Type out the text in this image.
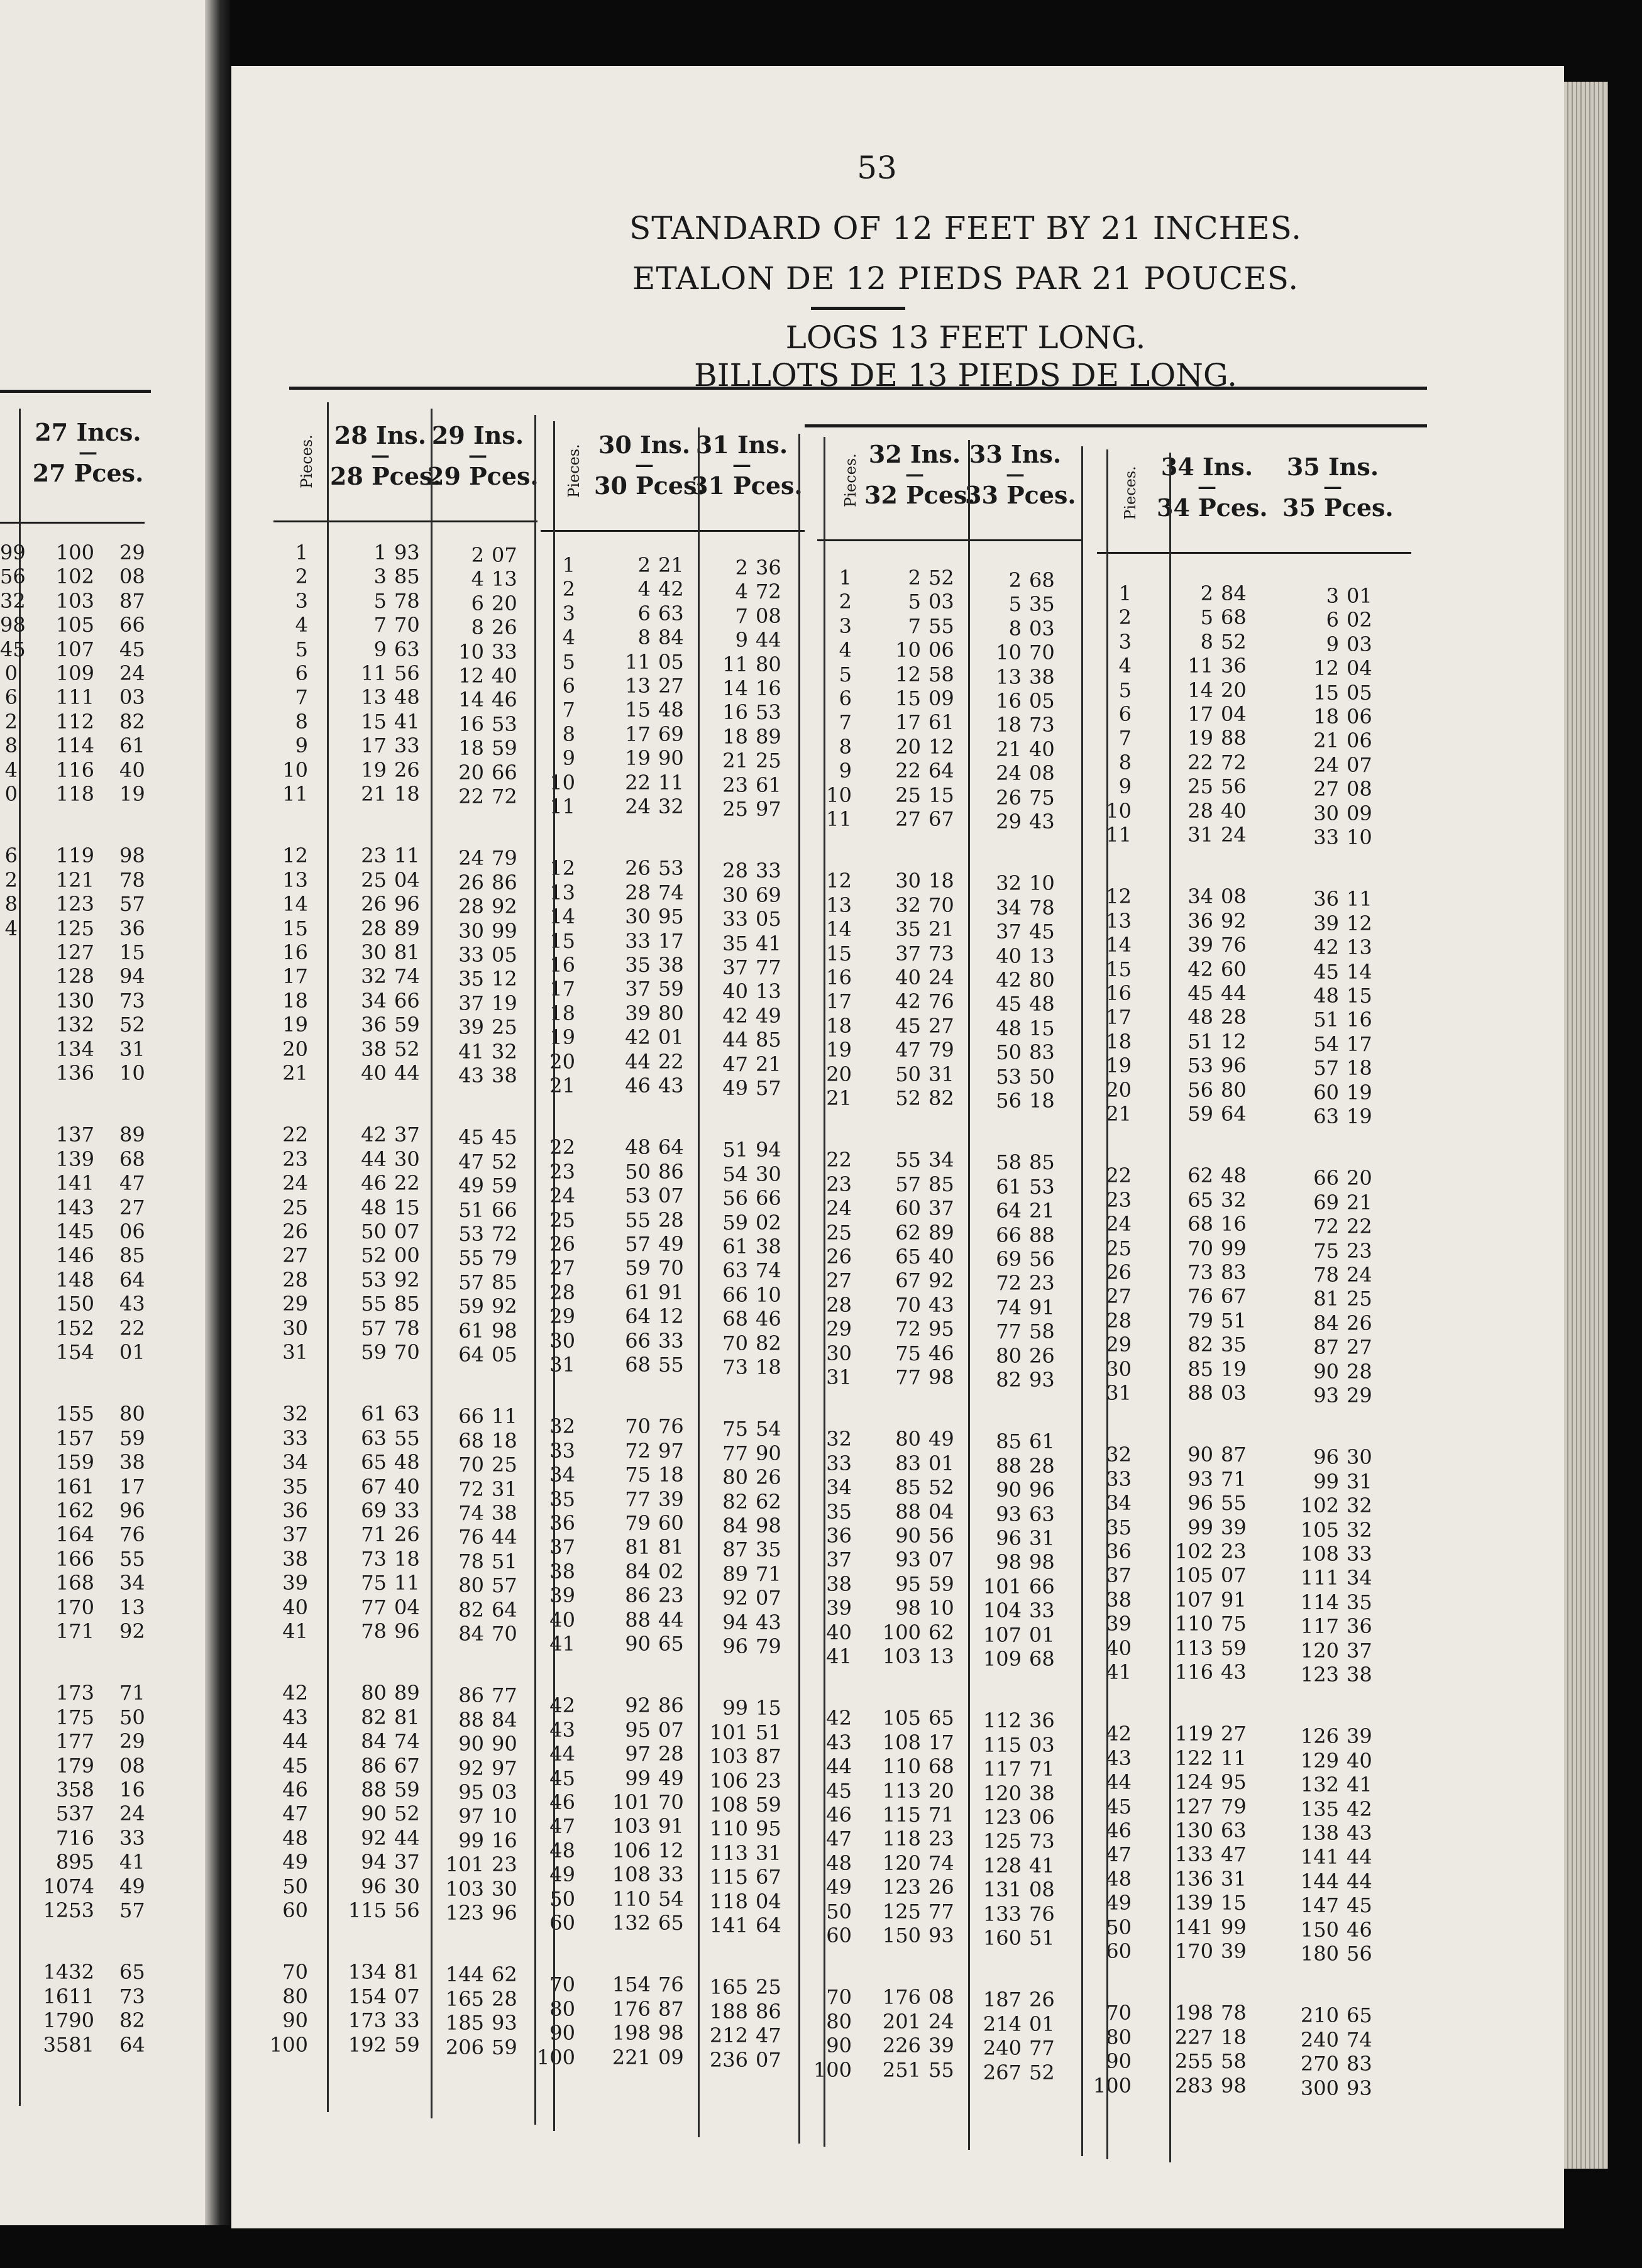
53
STANDARD OF 12 FEET BY 21 INCHES.
ETALON DE 12 PIEDS PAR 21 POUCES.
LOGS 13 FEET LONG.
BILLOTS DE 13 PIEDS DE LONG.
27 Incs.
—
27 Pces.
100 29
102 08
103 87
105 66
107 45
109 24
111 03
112 82
114 61
116 40
118 19
119 98
121 78
123 57
125 36
127 15
128 94
130 73
132 52
134 31
136 10
137 89
139 68
141 47
143 27
145 06
146 85
148 64
150 43
152 22
154 01
155 80
157 59
159 38
161 17
162 96
164 76
166 55
168 34
170 13
171 92
173 71
175 50
177 29
179 08
358 16
537 24
716 33
895 41
1074 49
1253 57
1432 65
1611 73
1790 82
3581 64
99
56
32
98
45
0
6
2
8
4
0
6
2
8
4
Pieces.
1
2
3
4
5
6
7
8
9
10
11
12
13
14
15
16
17
18
19
20
21
22
23
24
25
26
27
28
29
30
31
32
33
34
35
36
37
38
39
40
41
42
43
44
45
46
47
48
49
50
60
70
80
90
100
28 Ins.
—
28 Pces.
1 93
3 85
5 78
7 70
9 63
11 56
13 48
15 41
17 33
19 26
21 18
23 11
25 04
26 96
28 89
30 81
32 74
34 66
36 59
38 52
40 44
42 37
44 30
46 22
48 15
50 07
52 00
53 92
55 85
57 78
59 70
61 63
63 55
65 48
67 40
69 33
71 26
73 18
75 11
77 04
78 96
80 89
82 81
84 74
86 67
88 59
90 52
92 44
94 37
96 30
115 56
134 81
154 07
173 33
192 59
29 Ins.
—
29 Pces.
2 07
4 13
6 20
8 26
10 33
12 40
14 46
16 53
18 59
20 66
22 72
24 79
26 86
28 92
30 99
33 05
35 12
37 19
39 25
41 32
43 38
45 45
47 52
49 59
51 66
53 72
55 79
57 85
59 92
61 98
64 05
66 11
68 18
70 25
72 31
74 38
76 44
78 51
80 57
82 64
84 70
86 77
88 84
90 90
92 97
95 03
97 10
99 16
101 23
103 30
123 96
144 62
165 28
185 93
206 59
Pieces.
1
2
3
4
5
6
7
8
9
10
11
12
13
14
15
16
17
18
19
20
21
22
23
24
25
26
27
28
29
30
31
32
33
34
35
36
37
38
39
40
41
42
43
44
45
46
47
48
49
50
60
70
80
90
100
30 Ins.
—
30 Pces.
2 21
4 42
6 63
8 84
11 05
13 27
15 48
17 69
19 90
22 11
24 32
26 53
28 74
30 95
33 17
35 38
37 59
39 80
42 01
44 22
46 43
48 64
50 86
53 07
55 28
57 49
59 70
61 91
64 12
66 33
68 55
70 76
72 97
75 18
77 39
79 60
81 81
84 02
86 23
88 44
90 65
92 86
95 07
97 28
99 49
101 70
103 91
106 12
108 33
110 54
132 65
154 76
176 87
198 98
221 09
31 Ins.
—
31 Pces.
2 36
4 72
7 08
9 44
11 80
14 16
16 53
18 89
21 25
23 61
25 97
28 33
30 69
33 05
35 41
37 77
40 13
42 49
44 85
47 21
49 57
51 94
54 30
56 66
59 02
61 38
63 74
66 10
68 46
70 82
73 18
75 54
77 90
80 26
82 62
84 98
87 35
89 71
92 07
94 43
96 79
99 15
101 51
103 87
106 23
108 59
110 95
113 31
115 67
118 04
141 64
165 25
188 86
212 47
236 07
Pieces.
1
2
3
4
5
6
7
8
9
10
11
12
13
14
15
16
17
18
19
20
21
22
23
24
25
26
27
28
29
30
31
32
33
34
35
36
37
38
39
40
41
42
43
44
45
46
47
48
49
50
60
70
80
90
100
32 Ins.
—
32 Pces.
2 52
5 03
7 55
10 06
12 58
15 09
17 61
20 12
22 64
25 15
27 67
30 18
32 70
35 21
37 73
40 24
42 76
45 27
47 79
50 31
52 82
55 34
57 85
60 37
62 89
65 40
67 92
70 43
72 95
75 46
77 98
80 49
83 01
85 52
88 04
90 56
93 07
95 59
98 10
100 62
103 13
105 65
108 17
110 68
113 20
115 71
118 23
120 74
123 26
125 77
150 93
176 08
201 24
226 39
251 55
33 Ins.
—
33 Pces.
2 68
5 35
8 03
10 70
13 38
16 05
18 73
21 40
24 08
26 75
29 43
32 10
34 78
37 45
40 13
42 80
45 48
48 15
50 83
53 50
56 18
58 85
61 53
64 21
66 88
69 56
72 23
74 91
77 58
80 26
82 93
85 61
88 28
90 96
93 63
96 31
98 98
101 66
104 33
107 01
109 68
112 36
115 03
117 71
120 38
123 06
125 73
128 41
131 08
133 76
160 51
187 26
214 01
240 77
267 52
Pieces.
1
2
3
4
5
6
7
8
9
10
11
12
13
14
15
16
17
18
19
20
21
22
23
24
25
26
27
28
29
30
31
32
33
34
35
36
37
38
39
40
41
42
43
44
45
46
47
48
49
50
60
70
80
90
100
34 Ins.
—
34 Pces.
2 84
5 68
8 52
11 36
14 20
17 04
19 88
22 72
25 56
28 40
31 24
34 08
36 92
39 76
42 60
45 44
48 28
51 12
53 96
56 80
59 64
62 48
65 32
68 16
70 99
73 83
76 67
79 51
82 35
85 19
88 03
90 87
93 71
96 55
99 39
102 23
105 07
107 91
110 75
113 59
116 43
119 27
122 11
124 95
127 79
130 63
133 47
136 31
139 15
141 99
170 39
198 78
227 18
255 58
283 98
35 Ins.
—
35 Pces.
3 01
6 02
9 03
12 04
15 05
18 06
21 06
24 07
27 08
30 09
33 10
36 11
39 12
42 13
45 14
48 15
51 16
54 17
57 18
60 19
63 19
66 20
69 21
72 22
75 23
78 24
81 25
84 26
87 27
90 28
93 29
96 30
99 31
102 32
105 32
108 33
111 34
114 35
117 36
120 37
123 38
126 39
129 40
132 41
135 42
138 43
141 44
144 44
147 45
150 46
180 56
210 65
240 74
270 83
300 93
